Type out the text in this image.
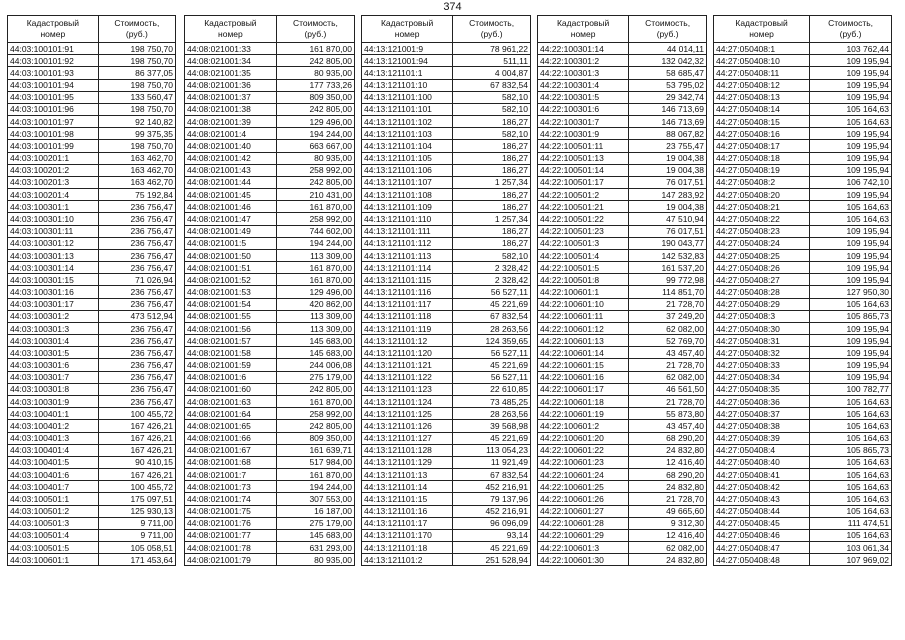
374
Кадастровый
номер	Стоимость,
(руб.)
44:03:100101:91	198 750,70
44:03:100101:92	198 750,70
44:03:100101:93	86 377,05
44:03:100101:94	198 750,70
44:03:100101:95	133 560,47
44:03:100101:96	198 750,70
44:03:100101:97	92 140,82
44:03:100101:98	99 375,35
44:03:100101:99	198 750,70
44:03:100201:1	163 462,70
44:03:100201:2	163 462,70
44:03:100201:3	163 462,70
44:03:100201:4	75 192,84
44:03:100301:1	236 756,47
44:03:100301:10	236 756,47
44:03:100301:11	236 756,47
44:03:100301:12	236 756,47
44:03:100301:13	236 756,47
44:03:100301:14	236 756,47
44:03:100301:15	71 026,94
44:03:100301:16	236 756,47
44:03:100301:17	236 756,47
44:03:100301:2	473 512,94
44:03:100301:3	236 756,47
44:03:100301:4	236 756,47
44:03:100301:5	236 756,47
44:03:100301:6	236 756,47
44:03:100301:7	236 756,47
44:03:100301:8	236 756,47
44:03:100301:9	236 756,47
44:03:100401:1	100 455,72
44:03:100401:2	167 426,21
44:03:100401:3	167 426,21
44:03:100401:4	167 426,21
44:03:100401:5	90 410,15
44:03:100401:6	167 426,21
44:03:100401:7	100 455,72
44:03:100501:1	175 097,51
44:03:100501:2	125 930,13
44:03:100501:3	9 711,00
44:03:100501:4	9 711,00
44:03:100501:5	105 058,51
44:03:100601:1	171 453,64
Кадастровый
номер	Стоимость,
(руб.)
44:08:021001:33	161 870,00
44:08:021001:34	242 805,00
44:08:021001:35	80 935,00
44:08:021001:36	177 733,26
44:08:021001:37	809 350,00
44:08:021001:38	242 805,00
44:08:021001:39	129 496,00
44:08:021001:4	194 244,00
44:08:021001:40	663 667,00
44:08:021001:42	80 935,00
44:08:021001:43	258 992,00
44:08:021001:44	242 805,00
44:08:021001:45	210 431,00
44:08:021001:46	161 870,00
44:08:021001:47	258 992,00
44:08:021001:49	744 602,00
44:08:021001:5	194 244,00
44:08:021001:50	113 309,00
44:08:021001:51	161 870,00
44:08:021001:52	161 870,00
44:08:021001:53	129 496,00
44:08:021001:54	420 862,00
44:08:021001:55	113 309,00
44:08:021001:56	113 309,00
44:08:021001:57	145 683,00
44:08:021001:58	145 683,00
44:08:021001:59	244 006,08
44:08:021001:6	275 179,00
44:08:021001:60	242 805,00
44:08:021001:63	161 870,00
44:08:021001:64	258 992,00
44:08:021001:65	242 805,00
44:08:021001:66	809 350,00
44:08:021001:67	161 639,71
44:08:021001:68	517 984,00
44:08:021001:7	161 870,00
44:08:021001:73	194 244,00
44:08:021001:74	307 553,00
44:08:021001:75	16 187,00
44:08:021001:76	275 179,00
44:08:021001:77	145 683,00
44:08:021001:78	631 293,00
44:08:021001:79	80 935,00
Кадастровый
номер	Стоимость,
(руб.)
44:13:121001:9	78 961,22
44:13:121001:94	511,11
44:13:121101:1	4 004,87
44:13:121101:10	67 832,54
44:13:121101:100	582,10
44:13:121101:101	582,10
44:13:121101:102	186,27
44:13:121101:103	582,10
44:13:121101:104	186,27
44:13:121101:105	186,27
44:13:121101:106	186,27
44:13:121101:107	1 257,34
44:13:121101:108	186,27
44:13:121101:109	186,27
44:13:121101:110	1 257,34
44:13:121101:111	186,27
44:13:121101:112	186,27
44:13:121101:113	582,10
44:13:121101:114	2 328,42
44:13:121101:115	2 328,42
44:13:121101:116	56 527,11
44:13:121101:117	45 221,69
44:13:121101:118	67 832,54
44:13:121101:119	28 263,56
44:13:121101:12	124 359,65
44:13:121101:120	56 527,11
44:13:121101:121	45 221,69
44:13:121101:122	56 527,11
44:13:121101:123	22 610,85
44:13:121101:124	73 485,25
44:13:121101:125	28 263,56
44:13:121101:126	39 568,98
44:13:121101:127	45 221,69
44:13:121101:128	113 054,23
44:13:121101:129	11 921,49
44:13:121101:13	67 832,54
44:13:121101:14	452 216,91
44:13:121101:15	79 137,96
44:13:121101:16	452 216,91
44:13:121101:17	96 096,09
44:13:121101:170	93,14
44:13:121101:18	45 221,69
44:13:121101:2	251 528,94
Кадастровый
номер	Стоимость,
(руб.)
44:22:100301:14	44 014,11
44:22:100301:2	132 042,32
44:22:100301:3	58 685,47
44:22:100301:4	53 795,02
44:22:100301:5	29 342,74
44:22:100301:6	146 713,69
44:22:100301:7	146 713,69
44:22:100301:9	88 067,82
44:22:100501:11	23 755,47
44:22:100501:13	19 004,38
44:22:100501:14	19 004,38
44:22:100501:17	76 017,51
44:22:100501:2	147 283,92
44:22:100501:21	19 004,38
44:22:100501:22	47 510,94
44:22:100501:23	76 017,51
44:22:100501:3	190 043,77
44:22:100501:4	142 532,83
44:22:100501:5	161 537,20
44:22:100501:8	99 772,98
44:22:100601:1	114 851,70
44:22:100601:10	21 728,70
44:22:100601:11	37 249,20
44:22:100601:12	62 082,00
44:22:100601:13	52 769,70
44:22:100601:14	43 457,40
44:22:100601:15	21 728,70
44:22:100601:16	62 082,00
44:22:100601:17	46 561,50
44:22:100601:18	21 728,70
44:22:100601:19	55 873,80
44:22:100601:2	43 457,40
44:22:100601:20	68 290,20
44:22:100601:22	24 832,80
44:22:100601:23	12 416,40
44:22:100601:24	68 290,20
44:22:100601:25	24 832,80
44:22:100601:26	21 728,70
44:22:100601:27	49 665,60
44:22:100601:28	9 312,30
44:22:100601:29	12 416,40
44:22:100601:3	62 082,00
44:22:100601:30	24 832,80
Кадастровый
номер	Стоимость,
(руб.)
44:27:050408:1	103 762,44
44:27:050408:10	109 195,94
44:27:050408:11	109 195,94
44:27:050408:12	109 195,94
44:27:050408:13	109 195,94
44:27:050408:14	105 164,63
44:27:050408:15	105 164,63
44:27:050408:16	109 195,94
44:27:050408:17	109 195,94
44:27:050408:18	109 195,94
44:27:050408:19	109 195,94
44:27:050408:2	106 742,10
44:27:050408:20	109 195,94
44:27:050408:21	105 164,63
44:27:050408:22	105 164,63
44:27:050408:23	109 195,94
44:27:050408:24	109 195,94
44:27:050408:25	109 195,94
44:27:050408:26	109 195,94
44:27:050408:27	109 195,94
44:27:050408:28	127 950,30
44:27:050408:29	105 164,63
44:27:050408:3	105 865,73
44:27:050408:30	109 195,94
44:27:050408:31	109 195,94
44:27:050408:32	109 195,94
44:27:050408:33	109 195,94
44:27:050408:34	109 195,94
44:27:050408:35	100 782,77
44:27:050408:36	105 164,63
44:27:050408:37	105 164,63
44:27:050408:38	105 164,63
44:27:050408:39	105 164,63
44:27:050408:4	105 865,73
44:27:050408:40	105 164,63
44:27:050408:41	105 164,63
44:27:050408:42	105 164,63
44:27:050408:43	105 164,63
44:27:050408:44	105 164,63
44:27:050408:45	111 474,51
44:27:050408:46	105 164,63
44:27:050408:47	103 061,34
44:27:050408:48	107 969,02
